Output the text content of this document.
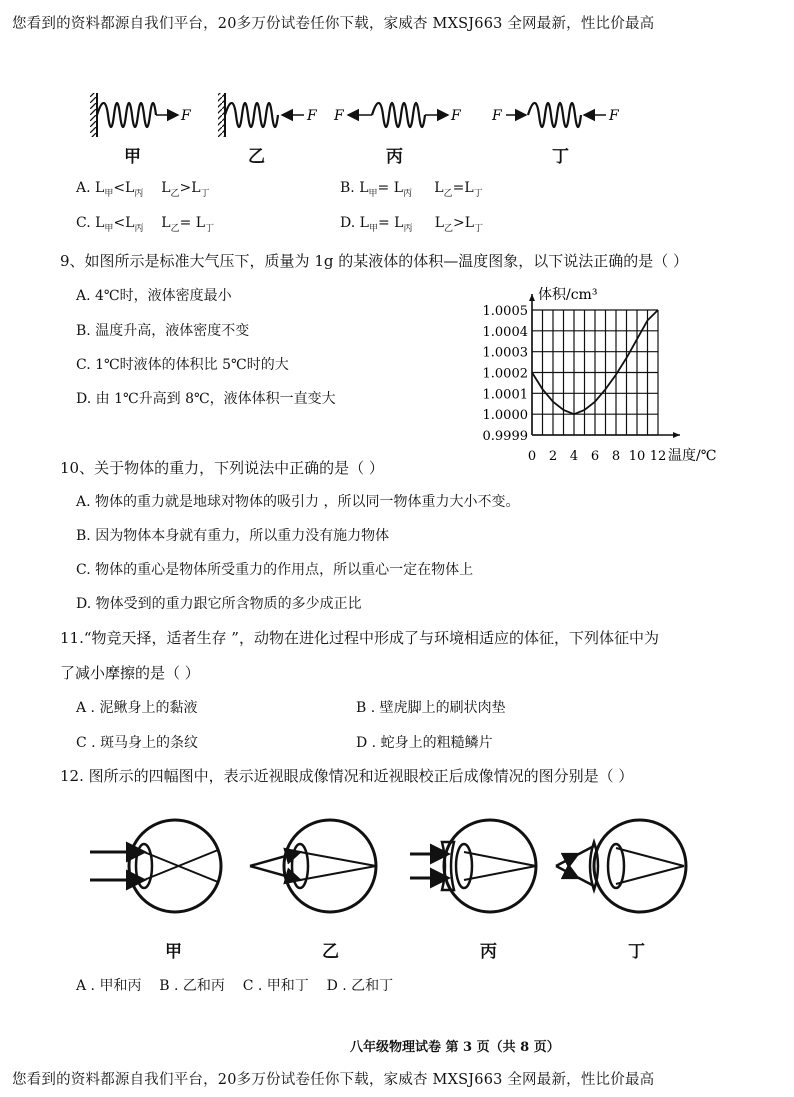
您看到的资料都源自我们平台，20多万份试卷任你下载，家威杏 MXSJ663 全网最新，性比价最高
您看到的资料都源自我们平台，20多万份试卷任你下载，家威杏 MXSJ663 全网最新，性比价最高
F	F F	F F	F
甲	乙	丙	丁
A. $L_甲<L_丙$ $L_乙>L_丁$	B. $L_甲= L_丙$ $L_乙=L_丁$
C. $L_甲<L_丙$ $L_乙= L_丁$	D. $L_甲= L_丙$ $L_乙>L_丁$
9、如图所示是标准大气压下，质量为 1g 的某液体的体积—温度图象，以下说法正确的是（ ）
A. 4℃时，液体密度最小
B. 温度升高，液体密度不变
C. 1℃时液体的体积比 5℃时的大
D. 由 1℃升高到 8℃，液体体积一直变大
0.9999
1.0000
1.0001
1.0002
1.0003
1.0004
1.0005
0 2 4 6 8 10 12
体积/cm³
温度/℃
10、关于物体的重力，下列说法中正确的是（ ）
A. 物体的重力就是地球对物体的吸引力 ，所以同一物体重力大小不变。
B. 因为物体本身就有重力，所以重力没有施力物体
C. 物体的重心是物体所受重力的作用点，所以重心一定在物体上
D. 物体受到的重力跟它所含物质的多少成正比
11.“物竞天择，适者生存 ”，动物在进化过程中形成了与环境相适应的体征，下列体征中为
了减小摩擦的是（ ）
A . 泥鳅身上的黏液	B . 壁虎脚上的刷状肉垫
C . 斑马身上的条纹	D . 蛇身上的粗糙鳞片
12. 图所示的四幅图中，表示近视眼成像情况和近视眼校正后成像情况的图分别是（ ）
甲	乙	丙	丁
A . 甲和丙    B . 乙和丙    C . 甲和丁    D . 乙和丁
八年级物理试卷 第 3 页（共 8 页）
